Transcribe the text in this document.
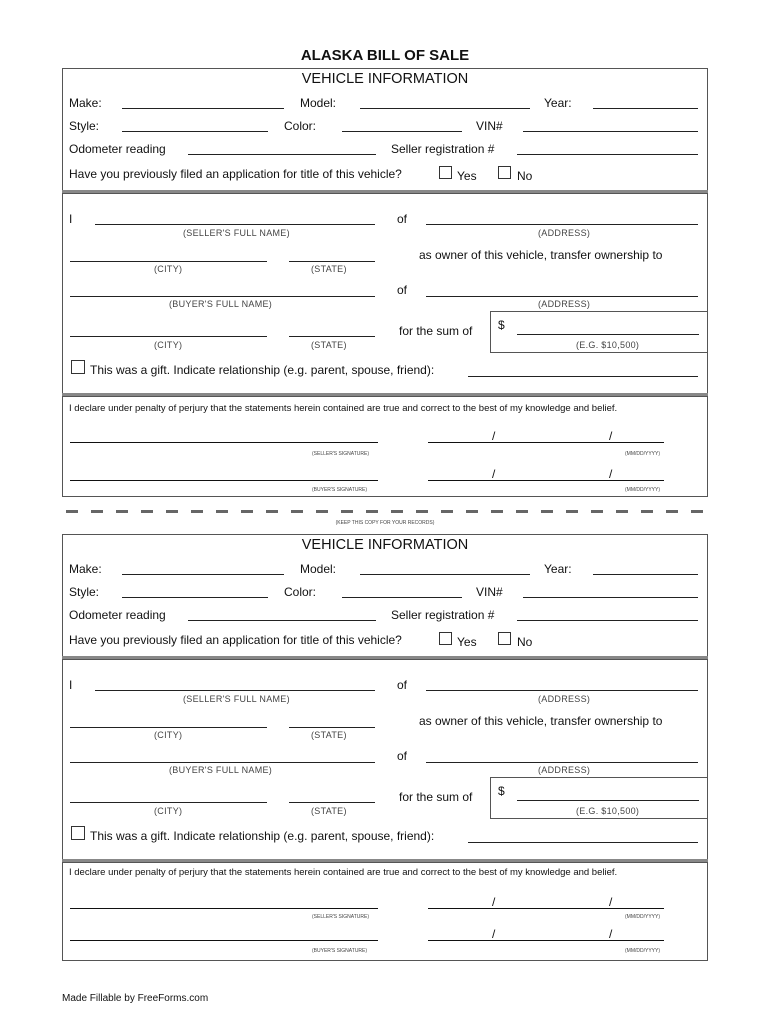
ALASKA BILL OF SALE
VEHICLE INFORMATION
Make:	Model:	Year:
Style:	Color:	VIN#
Odometer reading	Seller registration #
Have you previously filed an application for title of this vehicle?	Yes	No
I
(SELLER'S FULL NAME)
of
(ADDRESS)
(CITY)	(STATE)
as owner of this vehicle, transfer ownership to
(BUYER'S FULL NAME)
of
(ADDRESS)
(CITY)	(STATE)
for the sum of $
(E.G. $10,500)
This was a gift. Indicate relationship (e.g. parent, spouse, friend):
I declare under penalty of perjury that the statements herein contained are true and correct to the best of my knowledge and belief.
(SELLER'S SIGNATURE)
/	/
(MM/DD/YYYY)
(BUYER'S SIGNATURE)
/	/
(MM/DD/YYYY)
(KEEP THIS COPY FOR YOUR RECORDS)
VEHICLE INFORMATION
Make:	Model:	Year:
Style:	Color:	VIN#
Odometer reading	Seller registration #
Have you previously filed an application for title of this vehicle?	Yes	No
I
(SELLER'S FULL NAME)
of
(ADDRESS)
(CITY)	(STATE)
as owner of this vehicle, transfer ownership to
(BUYER'S FULL NAME)
of
(ADDRESS)
(CITY)	(STATE)
for the sum of $
(E.G. $10,500)
This was a gift. Indicate relationship (e.g. parent, spouse, friend):
I declare under penalty of perjury that the statements herein contained are true and correct to the best of my knowledge and belief.
(SELLER'S SIGNATURE)
/	/
(MM/DD/YYYY)
(BUYER'S SIGNATURE)
/	/
(MM/DD/YYYY)
Made Fillable by FreeForms.com
